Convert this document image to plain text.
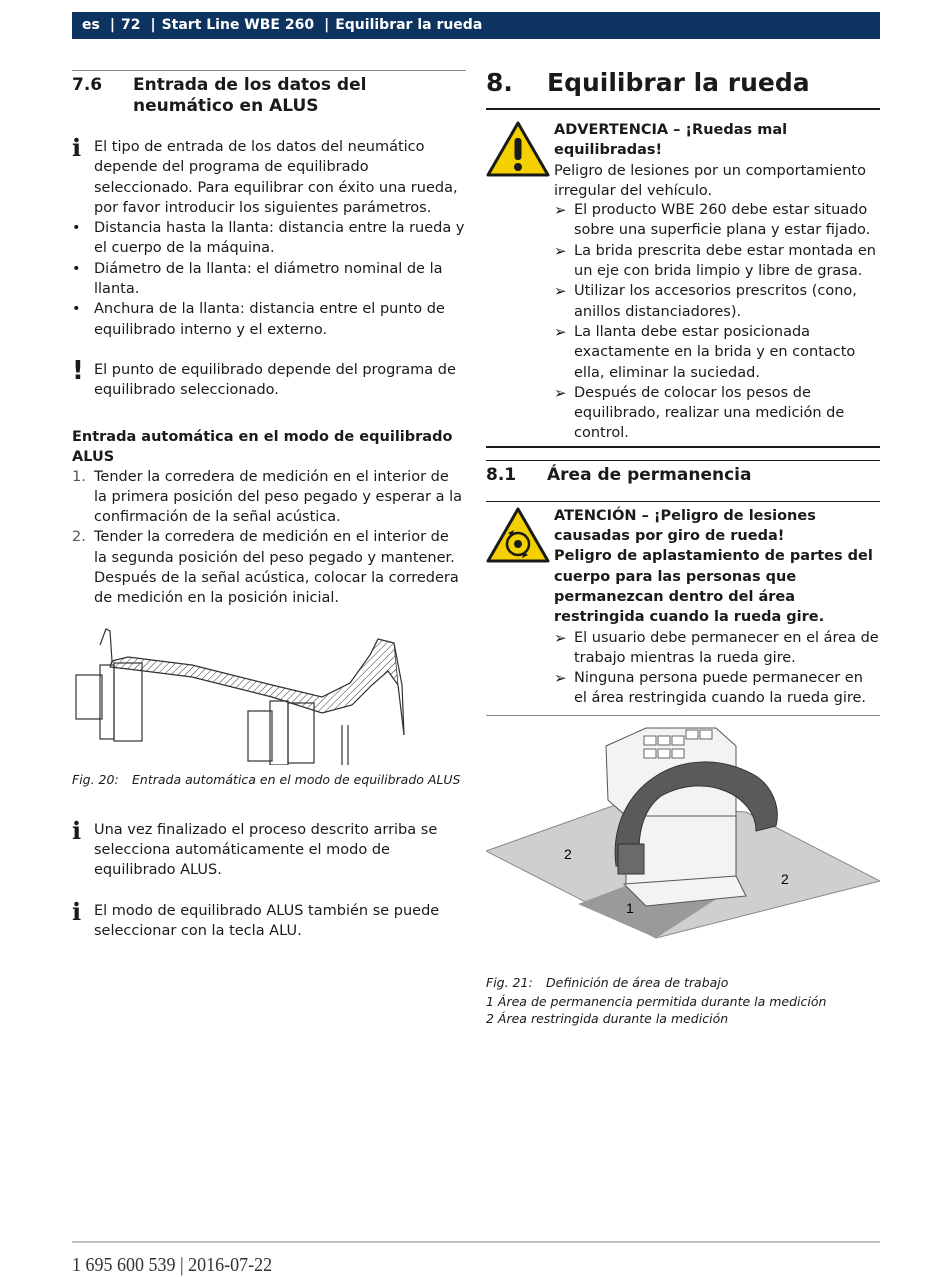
es | 72 | Start Line WBE 260 | Equilibrar la rueda
7.6	Entrada de los datos del neumático en ALUS
ℹ El tipo de entrada de los datos del neumático depende del programa de equilibrado seleccionado. Para equilibrar con éxito una rueda, por favor introducir los siguientes parámetros.
• Distancia hasta la llanta: distancia entre la rueda y el cuerpo de la máquina.
• Diámetro de la llanta: el diámetro nominal de la llanta.
• Anchura de la llanta: distancia entre el punto de equilibrado interno y el externo.
! El punto de equilibrado depende del programa de equilibrado seleccionado.
Entrada automática en el modo de equilibrado ALUS
1. Tender la corredera de medición en el interior de la primera posición del peso pegado y esperar a la confirmación de la señal acústica.
2. Tender la corredera de medición en el interior de la segunda posición del peso pegado y mantener. Después de la señal acústica, colocar la corredera de medición en la posición inicial.
Fig. 20:	Entrada automática en el modo de equilibrado ALUS
ℹ Una vez finalizado el proceso descrito arriba se selecciona automáticamente el modo de equilibrado ALUS.
ℹ El modo de equilibrado ALUS también se puede seleccionar con la tecla ALU.
8.	Equilibrar la rueda
ADVERTENCIA – ¡Ruedas mal equilibradas!
Peligro de lesiones por un comportamiento irregular del vehículo.
➢ El producto WBE 260 debe estar situado sobre una superficie plana y estar fijado.
➢ La brida prescrita debe estar montada en un eje con brida limpio y libre de grasa.
➢ Utilizar los accesorios prescritos (cono, anillos distanciadores).
➢ La llanta debe estar posicionada exactamente en la brida y en contacto ella, eliminar la suciedad.
➢ Después de colocar los pesos de equilibrado, realizar una medición de control.
8.1	Área de permanencia
ATENCIÓN – ¡Peligro de lesiones causadas por giro de rueda!
Peligro de aplastamiento de partes del cuerpo para las personas que permanezcan dentro del área restringida cuando la rueda gire.
➢ El usuario debe permanecer en el área de trabajo mientras la rueda gire.
➢ Ninguna persona puede permanecer en el área restringida cuando la rueda gire.
2
2
1
Fig. 21:	Definición de área de trabajo
1 Área de permanencia permitida durante la medición
2 Área restringida durante la medición
1 695 600 539 | 2016-07-22
